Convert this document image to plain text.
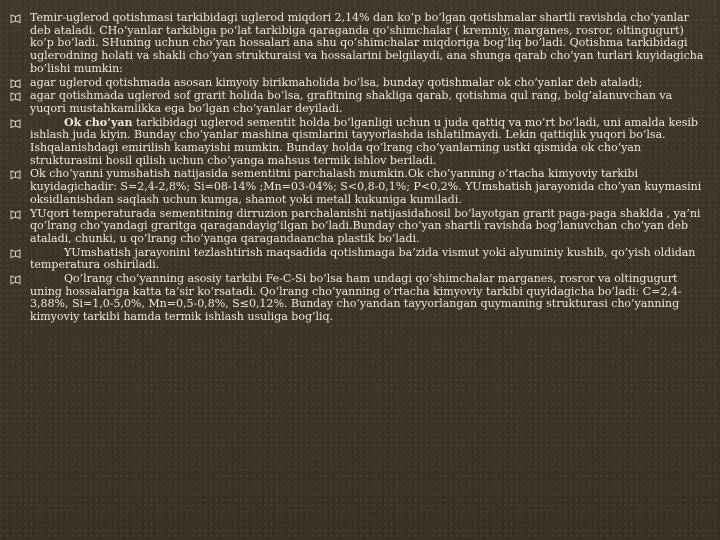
Temir-uglerod qotishmasi tarkibidagi uglerod miqdori 2,14% dan ko’p bo’lgan qotishmalar shartli ravishda cho’yanlar deb ataladi. CHo’yanlar tarkibiga po’lat tarkibiga qaraganda qo’shimchalar ( kremniy, marganes, rosror, oltingugurt) ko’p bo’ladi. SHuning uchun cho’yan hossalari ana shu qo’shimchalar miqdoriga bog’liq bo’ladi. Qotishma tarkibidagi uglerodning holati va shakli cho’yan strukturaisi va hossalarini belgilaydi, ana shunga qarab cho’yan turlari kuyidagicha bo’lishi mumkin:
agar uglerod qotishmada asosan kimyoiy birikmaholida bo’lsa, bunday qotishmalar ok cho’yanlar deb ataladi;
agar qotishmada uglerod sof grarit holida bo’lsa, grafitning shakliga qarab, qotishma qul rang, bolg’alanuvchan va yuqori mustahkamlikka ega bo’lgan cho’yanlar deyiladi.
Ok cho’yan tarkibidagi uglerod sementit holda bo’lganligi uchun u juda qattiq va mo’rt bo’ladi, uni amalda kesib ishlash juda kiyin. Bunday cho’yanlar mashina qismlarini tayyorlashda ishlatilmaydi. Lekin qattiqlik yuqori bo’lsa. Ishqalanishdagi emirilish kamayishi mumkin. Bunday holda qo’lrang cho’yanlarning ustki qismida ok cho’yan strukturasini hosil qilish uchun cho’yanga mahsus termik ishlov beriladi.
Ok cho’yanni yumshatish natijasida sementitni parchalash mumkin.Ok cho’yanning o’rtacha kimyoviy tarkibi kuyidagichadir: S=2,4-2,8%; Si=08-14% ;Mn=03-04%; S<0,8-0,1%; P<0,2%. YUmshatish jarayonida cho’yan kuymasini oksidlanishdan saqlash uchun kumga, shamot yoki metall kukuniga kumiladi.
YUqori temperaturada sementitning dirruzion parchalanishi natijasidahosil bo’layotgan grarit paga-paga shaklda , ya’ni qo’lrang cho’yandagi graritga qaragandayig’ilgan bo’ladi.Bunday cho’yan shartli ravishda bog’lanuvchan cho’yan deb ataladi, chunki, u qo’lrang cho’yanga qaragandaancha plastik bo’ladi.
YUmshatish jarayonini tezlashtirish maqsadida qotishmaga ba’zida vismut yoki alyuminiy kushib, qo’yish oldidan temperatura oshiriladi.
Qo’lrang cho’yanning asosiy tarkibi Fe-C-Si bo’lsa ham undagi qo’shimchalar marganes, rosror va oltingugurt uning hossalariga katta ta’sir ko’rsatadi. Qo’lrang cho’yanning o’rtacha kimyoviy tarkibi quyidagicha bo’ladi: C=2,4-3,88%, Si=1,0-5,0%, Mn=0,5-0,8%, S≤0,12%. Bunday cho’yandan tayyorlangan quymaning strukturasi cho’yanning kimyoviy tarkibi hamda termik ishlash usuliga bog’liq.
